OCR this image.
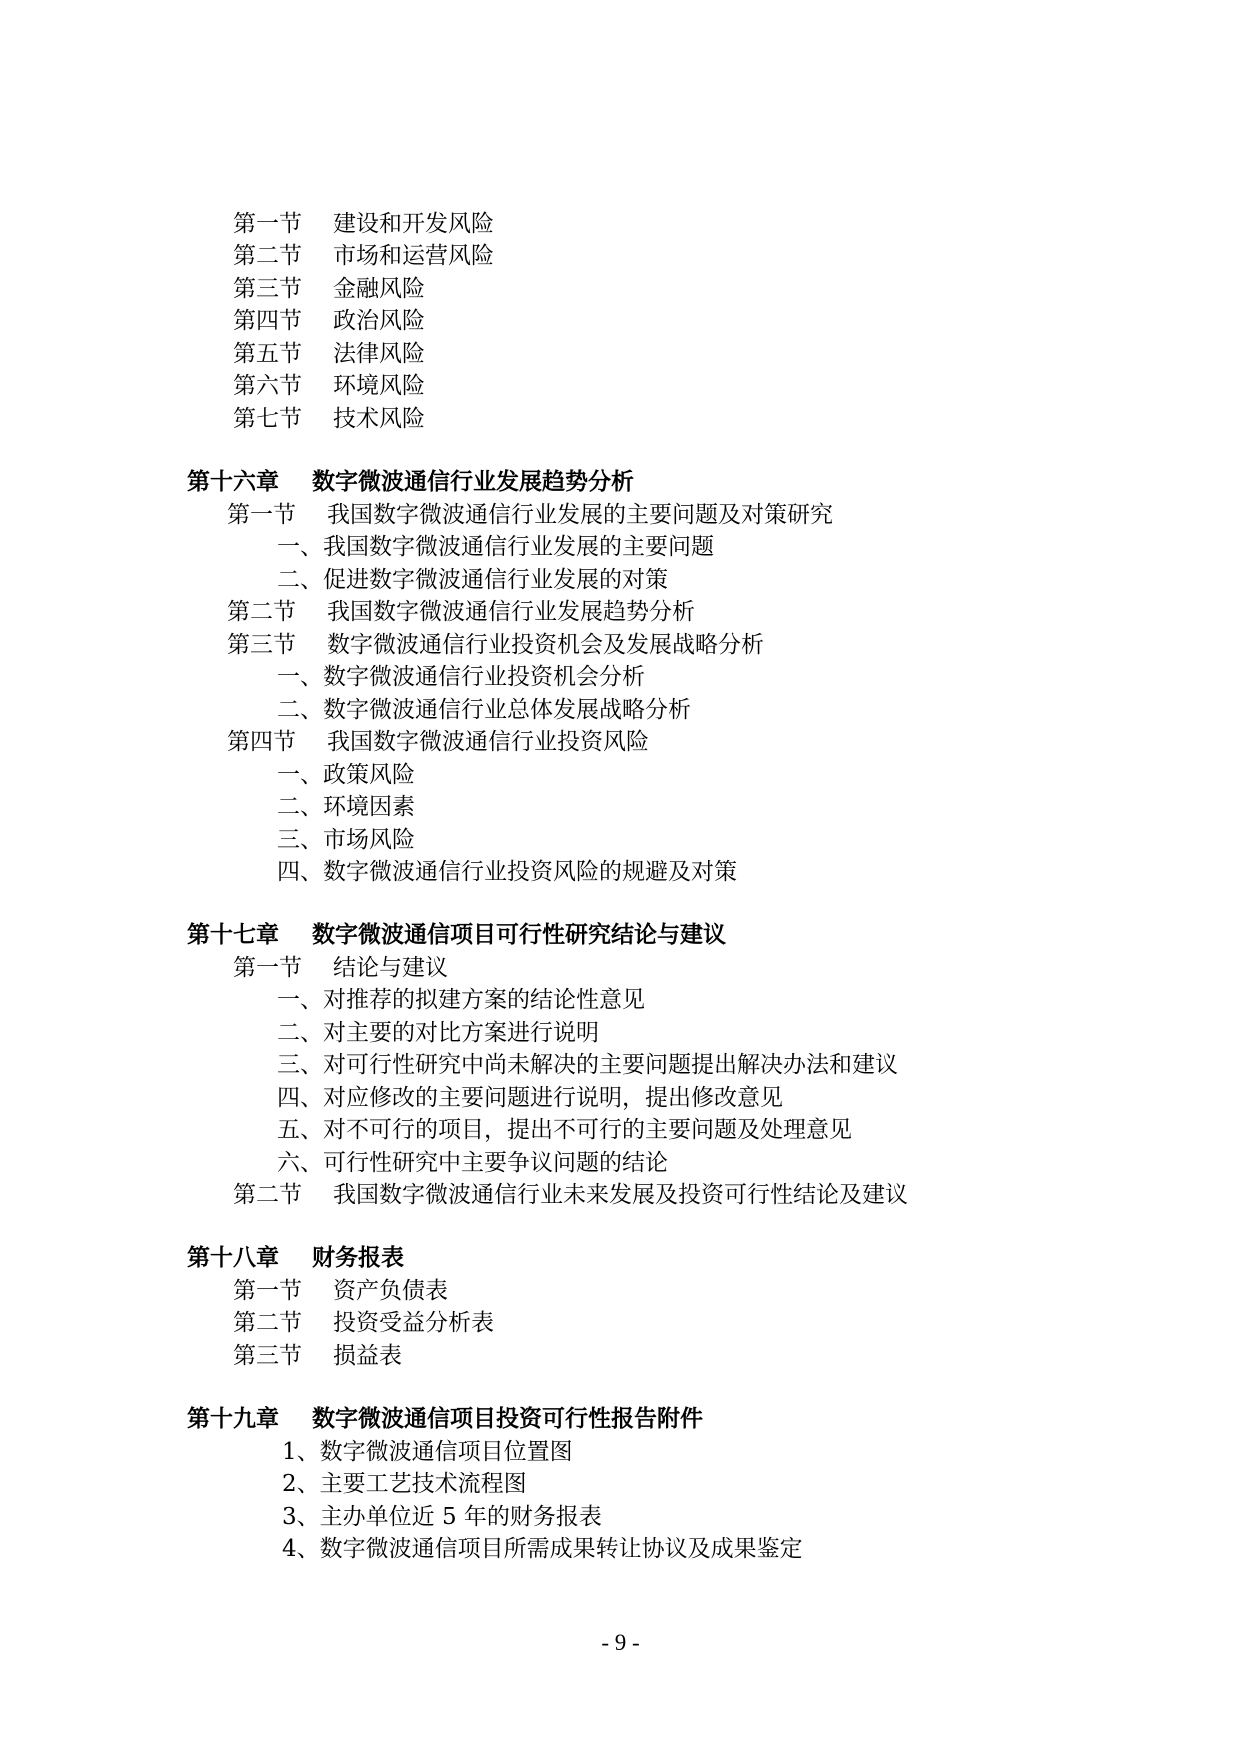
第一节 建设和开发风险
第二节 市场和运营风险
第三节 金融风险
第四节 政治风险
第五节 法律风险
第六节 环境风险
第七节 技术风险
第十六章 数字微波通信行业发展趋势分析
第一节 我国数字微波通信行业发展的主要问题及对策研究
一、我国数字微波通信行业发展的主要问题
二、促进数字微波通信行业发展的对策
第二节 我国数字微波通信行业发展趋势分析
第三节 数字微波通信行业投资机会及发展战略分析
一、数字微波通信行业投资机会分析
二、数字微波通信行业总体发展战略分析
第四节 我国数字微波通信行业投资风险
一、政策风险
二、环境因素
三、市场风险
四、数字微波通信行业投资风险的规避及对策
第十七章 数字微波通信项目可行性研究结论与建议
第一节 结论与建议
一、对推荐的拟建方案的结论性意见
二、对主要的对比方案进行说明
三、对可行性研究中尚未解决的主要问题提出解决办法和建议
四、对应修改的主要问题进行说明，提出修改意见
五、对不可行的项目，提出不可行的主要问题及处理意见
六、可行性研究中主要争议问题的结论
第二节 我国数字微波通信行业未来发展及投资可行性结论及建议
第十八章 财务报表
第一节 资产负债表
第二节 投资受益分析表
第三节 损益表
第十九章 数字微波通信项目投资可行性报告附件
1、数字微波通信项目位置图
2、主要工艺技术流程图
3、主办单位近 5 年的财务报表
4、数字微波通信项目所需成果转让协议及成果鉴定
- 9 -
